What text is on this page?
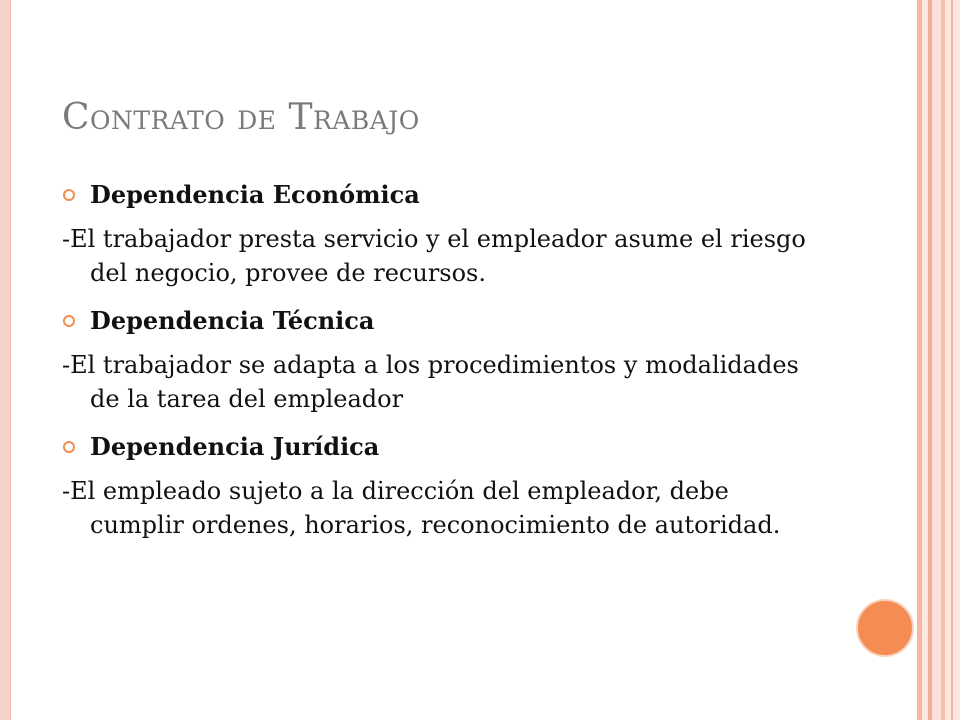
Contrato de Trabajo
Dependencia Económica

-El trabajador presta servicio y el empleador asume el riesgo del negocio, provee de recursos.

Dependencia Técnica

-El trabajador se adapta a los procedimientos y modalidades de la tarea del empleador

Dependencia Jurídica

-El empleado sujeto a la dirección del empleador, debe cumplir ordenes, horarios, reconocimiento de autoridad.
